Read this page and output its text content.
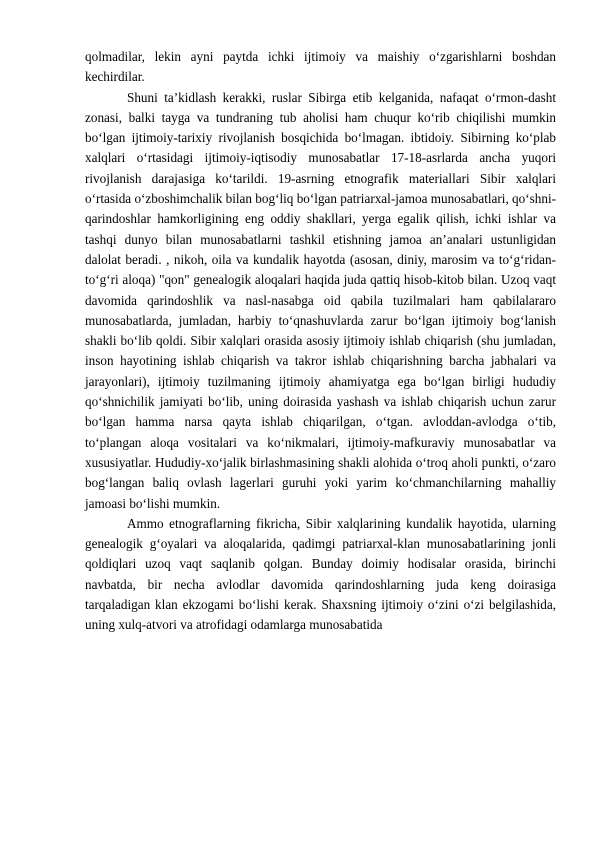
qolmadilar, lekin ayni paytda ichki ijtimoiy va maishiy o‘zgarishlarni boshdan kechirdilar.

Shuni ta’kidlash kerakki, ruslar Sibirga etib kelganida, nafaqat o‘rmon-dasht zonasi, balki tayga va tundraning tub aholisi ham chuqur ko‘rib chiqilishi mumkin bo‘lgan ijtimoiy-tarixiy rivojlanish bosqichida bo‘lmagan. ibtidoiy. Sibirning ko‘plab xalqlari o‘rtasidagi ijtimoiy-iqtisodiy munosabatlar 17-18-asrlarda ancha yuqori rivojlanish darajasiga ko‘tarildi. 19-asrning etnografik materiallari Sibir xalqlari o‘rtasida o‘zboshimchalik bilan bog‘liq bo‘lgan patriarxal-jamoa munosabatlari, qo‘shni-qarindoshlar hamkorligining eng oddiy shakllari, yerga egalik qilish, ichki ishlar va tashqi dunyo bilan munosabatlarni tashkil etishning jamoa an’analari ustunligidan dalolat beradi. , nikoh, oila va kundalik hayotda (asosan, diniy, marosim va to‘g‘ridan-to‘g‘ri aloqa) "qon" genealogik aloqalari haqida juda qattiq hisob-kitob bilan. Uzoq vaqt davomida qarindoshlik va nasl-nasabga oid qabila tuzilmalari ham qabilalararo munosabatlarda, jumladan, harbiy to‘qnashuvlarda zarur bo‘lgan ijtimoiy bog‘lanish shakli bo‘lib qoldi. Sibir xalqlari orasida asosiy ijtimoiy ishlab chiqarish (shu jumladan, inson hayotining ishlab chiqarish va takror ishlab chiqarishning barcha jabhalari va jarayonlari), ijtimoiy tuzilmaning ijtimoiy ahamiyatga ega bo‘lgan birligi hududiy qo‘shnichilik jamiyati bo‘lib, uning doirasida yashash va ishlab chiqarish uchun zarur bo‘lgan hamma narsa qayta ishlab chiqarilgan, o‘tgan. avloddan-avlodga o‘tib, to‘plangan aloqa vositalari va ko‘nikmalari, ijtimoiy-mafkuraviy munosabatlar va xususiyatlar. Hududiy-xo‘jalik birlashmasining shakli alohida o‘troq aholi punkti, o‘zaro bog‘langan baliq ovlash lagerlari guruhi yoki yarim ko‘chmanchilarning mahalliy jamoasi bo‘lishi mumkin.

Ammo etnograflarning fikricha, Sibir xalqlarining kundalik hayotida, ularning genealogik g‘oyalari va aloqalarida, qadimgi patriarxal-klan munosabatlarining jonli qoldiqlari uzoq vaqt saqlanib qolgan. Bunday doimiy hodisalar orasida, birinchi navbatda, bir necha avlodlar davomida qarindoshlarning juda keng doirasiga tarqaladigan klan ekzogami bo‘lishi kerak. Shaxsning ijtimoiy o‘zini o‘zi belgilashida, uning xulq-atvori va atrofidagi odamlarga munosabatida
